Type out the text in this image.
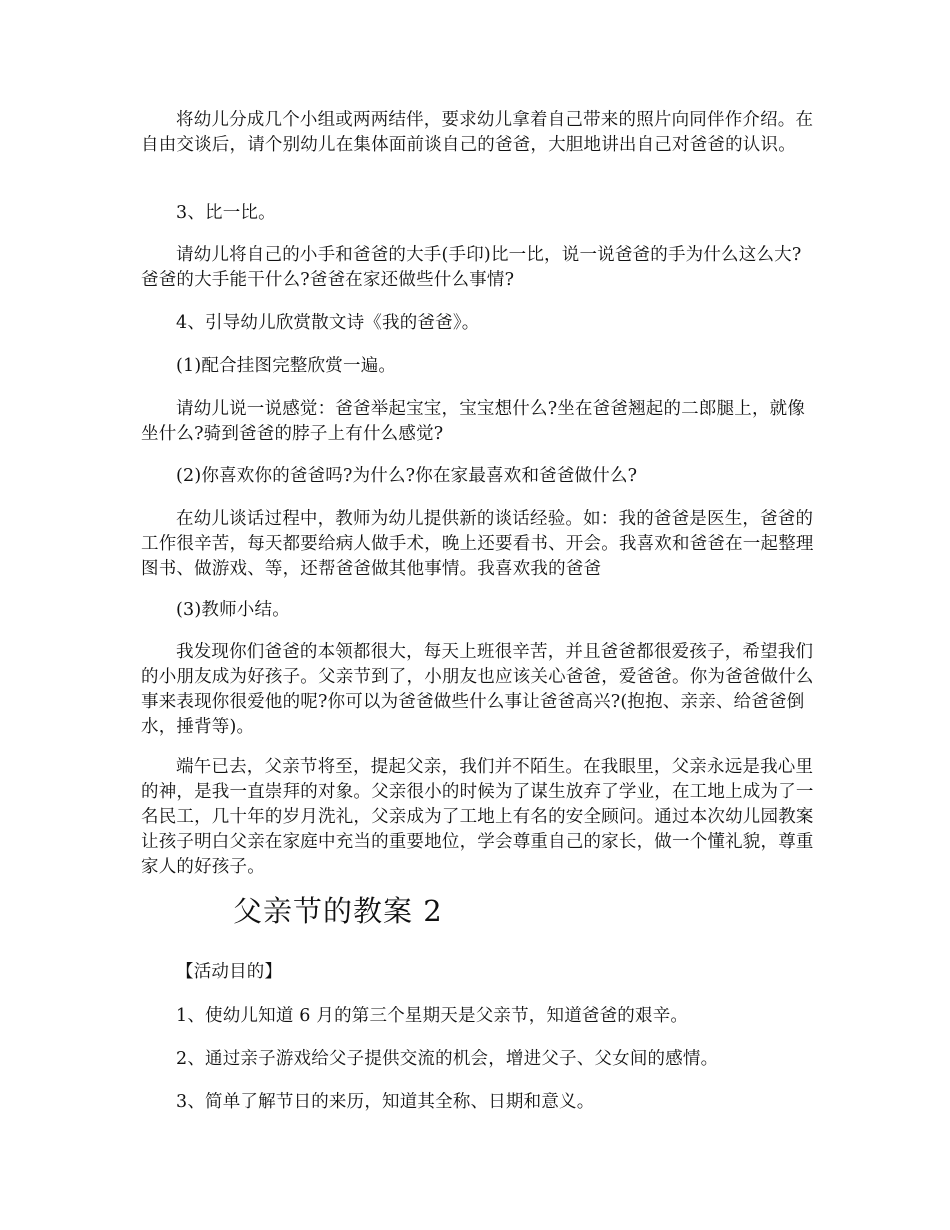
将幼儿分成几个小组或两两结伴，要求幼儿拿着自己带来的照片向同伴作介绍。在自由交谈后，请个别幼儿在集体面前谈自己的爸爸，大胆地讲出自己对爸爸的认识。

3、比一比。

请幼儿将自己的小手和爸爸的大手(手印)比一比，说一说爸爸的手为什么这么大?爸爸的大手能干什么?爸爸在家还做些什么事情?

4、引导幼儿欣赏散文诗《我的爸爸》。

(1)配合挂图完整欣赏一遍。

请幼儿说一说感觉：爸爸举起宝宝，宝宝想什么?坐在爸爸翘起的二郎腿上，就像坐什么?骑到爸爸的脖子上有什么感觉?

(2)你喜欢你的爸爸吗?为什么?你在家最喜欢和爸爸做什么?

在幼儿谈话过程中，教师为幼儿提供新的谈话经验。如：我的爸爸是医生，爸爸的工作很辛苦，每天都要给病人做手术，晚上还要看书、开会。我喜欢和爸爸在一起整理图书、做游戏、等，还帮爸爸做其他事情。我喜欢我的爸爸

(3)教师小结。

我发现你们爸爸的本领都很大，每天上班很辛苦，并且爸爸都很爱孩子，希望我们的小朋友成为好孩子。父亲节到了，小朋友也应该关心爸爸，爱爸爸。你为爸爸做什么事来表现你很爱他的呢?你可以为爸爸做些什么事让爸爸高兴?(抱抱、亲亲、给爸爸倒水，捶背等)。

端午已去，父亲节将至，提起父亲，我们并不陌生。在我眼里，父亲永远是我心里的神，是我一直崇拜的对象。父亲很小的时候为了谋生放弃了学业，在工地上成为了一名民工，几十年的岁月洗礼，父亲成为了工地上有名的安全顾问。通过本次幼儿园教案让孩子明白父亲在家庭中充当的重要地位，学会尊重自己的家长，做一个懂礼貌，尊重家人的好孩子。

父亲节的教案 2

【活动目的】

1、使幼儿知道 6 月的第三个星期天是父亲节，知道爸爸的艰辛。

2、通过亲子游戏给父子提供交流的机会，增进父子、父女间的感情。

3、简单了解节日的来历，知道其全称、日期和意义。
